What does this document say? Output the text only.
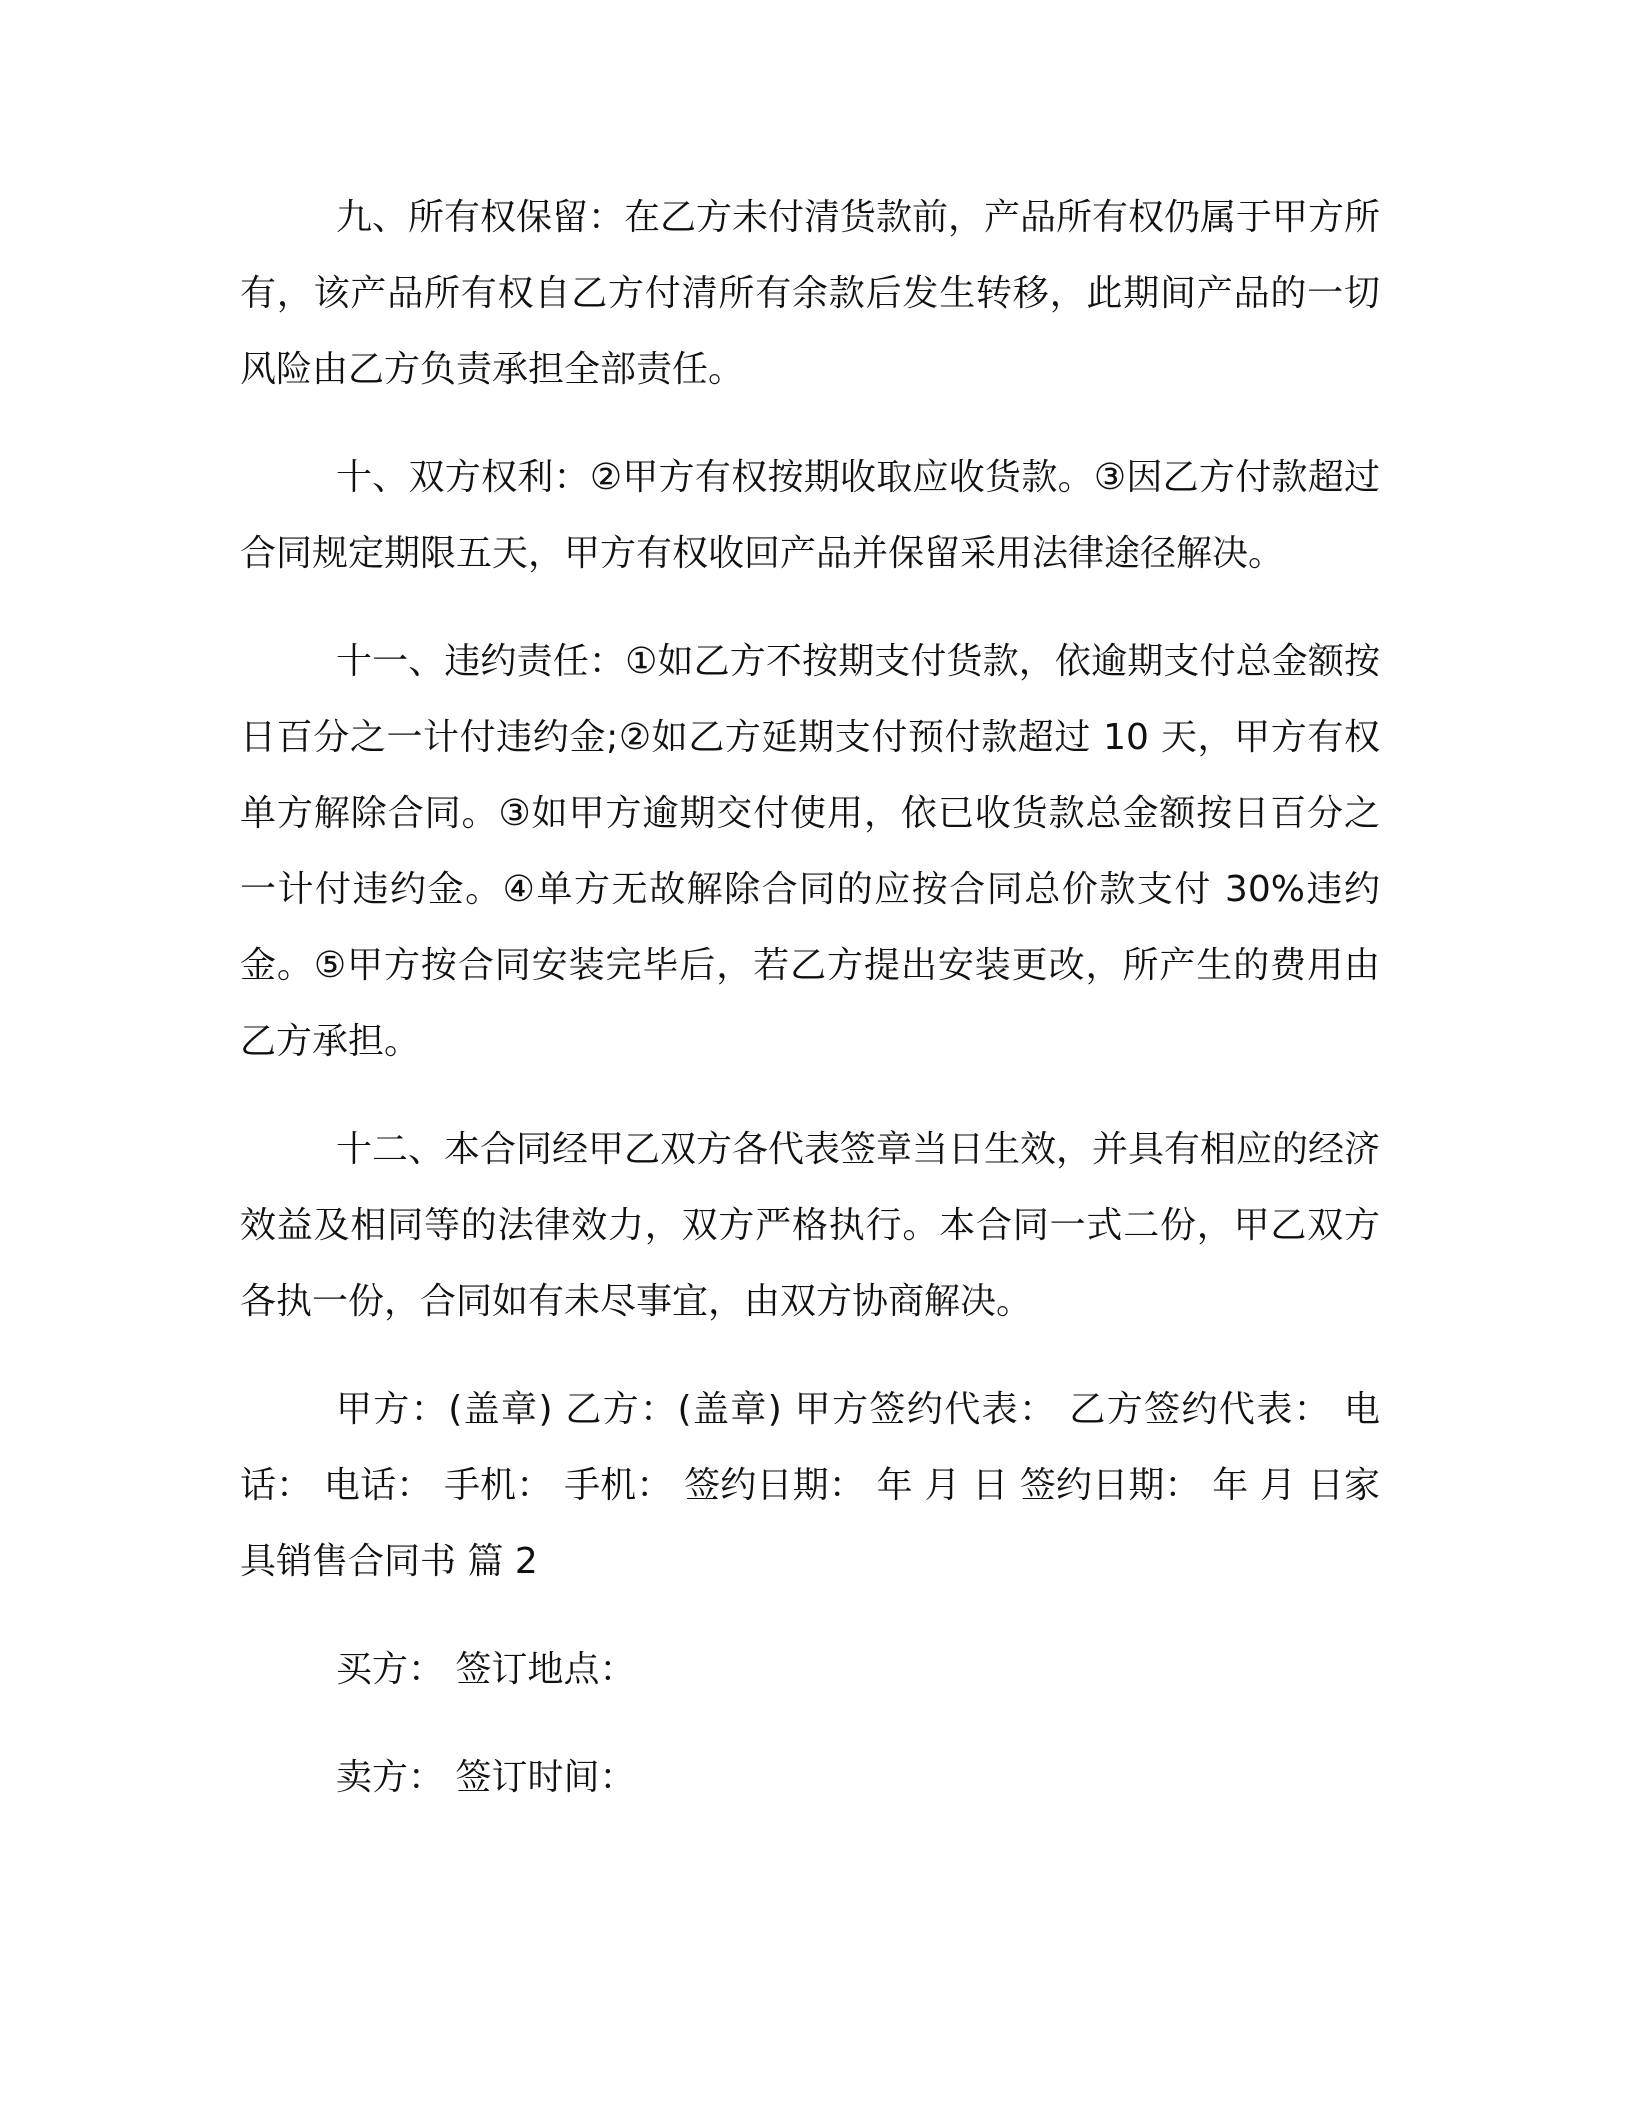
九、所有权保留：在乙方未付清货款前，产品所有权仍属于甲方所有，该产品所有权自乙方付清所有余款后发生转移，此期间产品的一切风险由乙方负责承担全部责任。

十、双方权利：②甲方有权按期收取应收货款。③因乙方付款超过合同规定期限五天，甲方有权收回产品并保留采用法律途径解决。

十一、违约责任：①如乙方不按期支付货款，依逾期支付总金额按日百分之一计付违约金;②如乙方延期支付预付款超过 10 天，甲方有权单方解除合同。③如甲方逾期交付使用，依已收货款总金额按日百分之一计付违约金。④单方无故解除合同的应按合同总价款支付 30%违约金。⑤甲方按合同安装完毕后，若乙方提出安装更改，所产生的费用由乙方承担。

十二、本合同经甲乙双方各代表签章当日生效，并具有相应的经济效益及相同等的法律效力，双方严格执行。本合同一式二份，甲乙双方各执一份，合同如有未尽事宜，由双方协商解决。

甲方：(盖章) 乙方：(盖章) 甲方签约代表： 乙方签约代表： 电话： 电话： 手机： 手机： 签约日期： 年 月 日 签约日期： 年 月 日家具销售合同书 篇 2

买方： 签订地点：

卖方： 签订时间：
